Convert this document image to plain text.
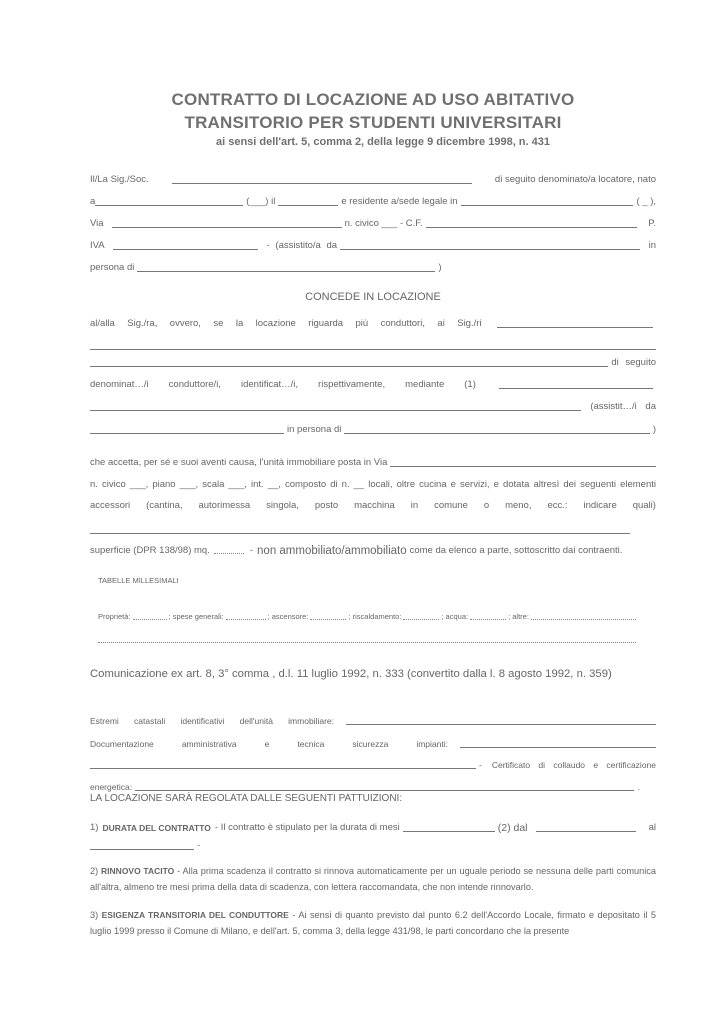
CONTRATTO DI LOCAZIONE AD USO ABITATIVO
TRANSITORIO PER STUDENTI UNIVERSITARI
ai sensi dell'art. 5, comma 2, della legge 9 dicembre 1998, n. 431
Il/La Sig./Soc.	di seguito denominato/a locatore, nato
a	(___) il	e residente a/sede legale in	( _ ),
Via	n. civico ___ - C.F.	P.
IVA	- (assistito/a da	in
persona di	)
CONCEDE IN LOCAZIONE
al/alla Sig./ra, ovvero, se la locazione riguarda più conduttori, ai Sig./ri
di seguito
denominat…/i conduttore/i, identificat…/i, rispettivamente, mediante (1)
(assistit…/i da
in persona di	)
che accetta, per sé e suoi aventi causa, l'unità immobiliare posta in Via
n. civico ___, piano ___, scala ___, int. __, composto di n. __ locali, oltre cucina e servizi, e dotata altresì dei seguenti elementi
accessori (cantina, autorimessa singola, posto macchina in comune o meno, ecc.: indicare quali)
superficie (DPR 138/98) mq.	- non ammobiliato/ammobiliato come da elenco a parte, sottoscritto dai contraenti.
TABELLE MILLESIMALI
Proprietà:	; spese generali:	; ascensore:	; riscaldamento:	; acqua:	; altre:
Comunicazione ex art. 8, 3° comma , d.l. 11 luglio 1992, n. 333 (convertito dalla l. 8 agosto 1992, n. 359)
Estremi catastali identificativi dell'unità immobiliare:
Documentazione	amministrativa	e	tecnica	sicurezza	impianti:
- Certificato di collaudo e certificazione
energetica:	.
LA LOCAZIONE SARÀ REGOLATA DALLE SEGUENTI PATTUIZIONI:
1) DURATA DEL CONTRATTO - Il contratto è stipulato per la durata di mesi	(2) dal	al
-
2) RINNOVO TACITO - Alla prima scadenza il contratto si rinnova automaticamente per un uguale periodo se nessuna delle parti comunica all'altra, almeno tre mesi prima della data di scadenza, con lettera raccomandata, che non intende rinnovarlo.
3) ESIGENZA TRANSITORIA DEL CONDUTTORE - Ai sensi di quanto previsto dal punto 6.2 dell'Accordo Locale, firmato e depositato il 5 luglio 1999 presso il Comune di Milano, e dell'art. 5, comma 3, della legge 431/98, le parti concordano che la presente
